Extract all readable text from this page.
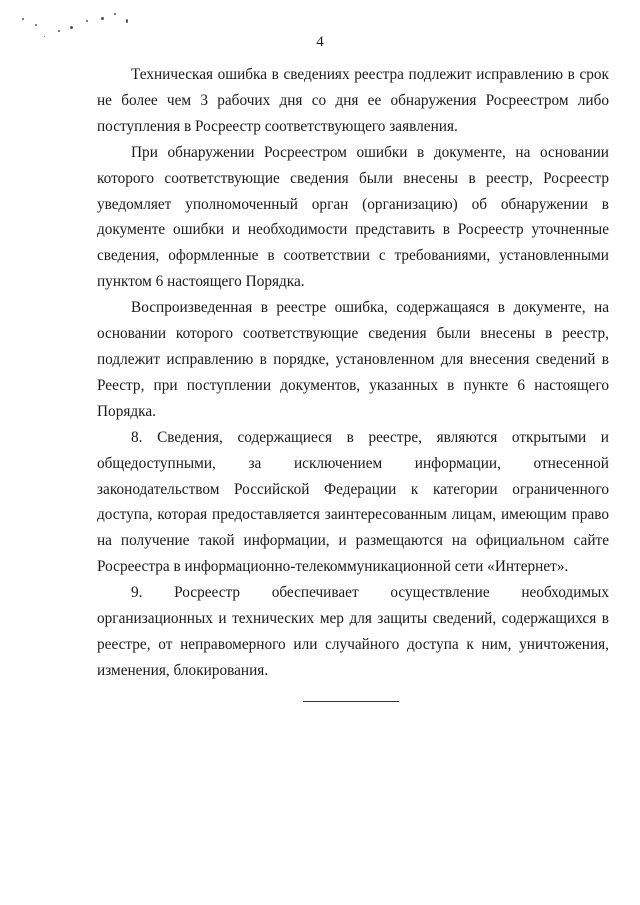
4

Техническая ошибка в сведениях реестра подлежит исправлению в срок не более чем 3 рабочих дня со дня ее обнаружения Росреестром либо поступления в Росреестр соответствующего заявления.

При обнаружении Росреестром ошибки в документе, на основании которого соответствующие сведения были внесены в реестр, Росреестр уведомляет уполномоченный орган (организацию) об обнаружении в документе ошибки и необходимости представить в Росреестр уточненные сведения, оформленные в соответствии с требованиями, установленными пунктом 6 настоящего Порядка.

Воспроизведенная в реестре ошибка, содержащаяся в документе, на основании которого соответствующие сведения были внесены в реестр, подлежит исправлению в порядке, установленном для внесения сведений в Реестр, при поступлении документов, указанных в пункте 6 настоящего Порядка.

8. Сведения, содержащиеся в реестре, являются открытыми и общедоступными, за исключением информации, отнесенной законодательством Российской Федерации к категории ограниченного доступа, которая предоставляется заинтересованным лицам, имеющим право на получение такой информации, и размещаются на официальном сайте Росреестра в информационно-телекоммуникационной сети «Интернет».

9. Росреестр обеспечивает осуществление необходимых организационных и технических мер для защиты сведений, содержащихся в реестре, от неправомерного или случайного доступа к ним, уничтожения, изменения, блокирования.
